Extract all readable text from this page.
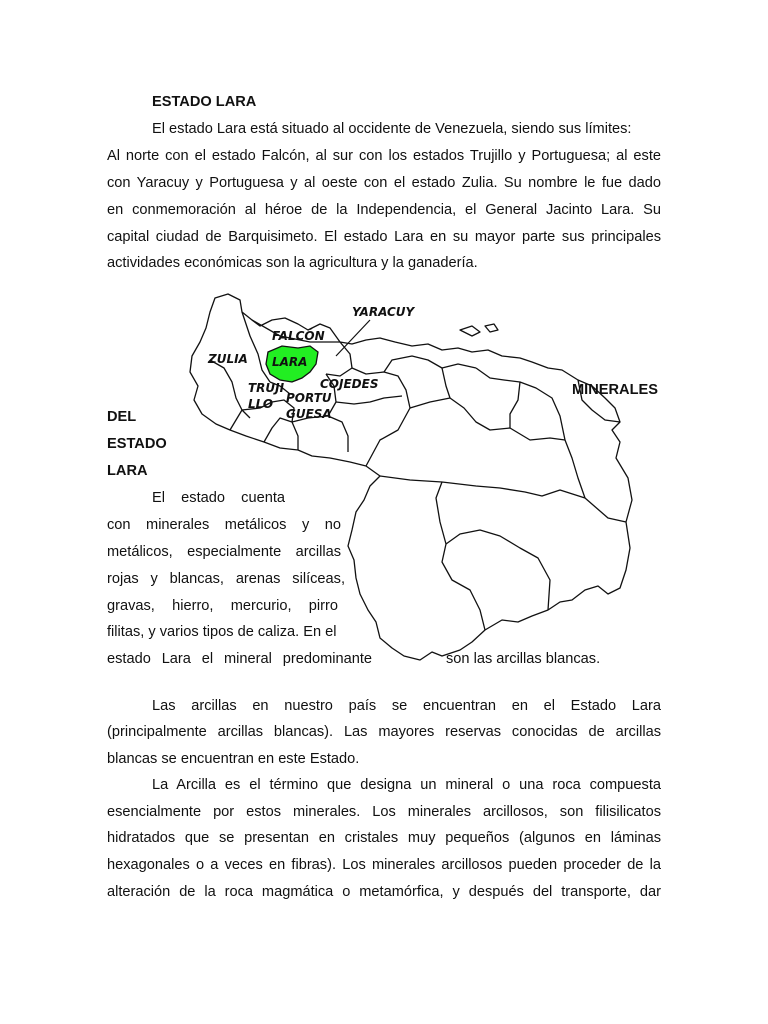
ESTADO LARA
El estado Lara está situado al occidente de Venezuela, siendo sus límites:
Al norte con el estado Falcón, al sur con los estados Trujillo y Portuguesa; al este
con Yaracuy y Portuguesa y al oeste con el estado Zulia. Su nombre le fue dado
en conmemoración al héroe de la Independencia, el General Jacinto Lara. Su
capital ciudad de Barquisimeto. El estado Lara en su mayor parte sus principales
actividades económicas son la agricultura y la ganadería.
YARACUY
FALCÓN
ZULIA LARA
TRUJI
LLO
COJEDES
PORTU
GUESA
MINERALES
DEL
ESTADO
LARA
El estado cuenta
con minerales metálicos y no
metálicos, especialmente arcillas
rojas y blancas, arenas silíceas,
gravas, hierro, mercurio, pirro
filitas, y varios tipos de caliza. En el
estado Lara el mineral predominante	son las arcillas blancas.
Las arcillas en nuestro país se encuentran en el Estado Lara
(principalmente arcillas blancas). Las mayores reservas conocidas de arcillas
blancas se encuentran en este Estado.
La Arcilla es el término que designa un mineral o una roca compuesta
esencialmente por estos minerales. Los minerales arcillosos, son filisilicatos
hidratados que se presentan en cristales muy pequeños (algunos en láminas
hexagonales o a veces en fibras). Los minerales arcillosos pueden proceder de la
alteración de la roca magmática o metamórfica, y después del transporte, dar
